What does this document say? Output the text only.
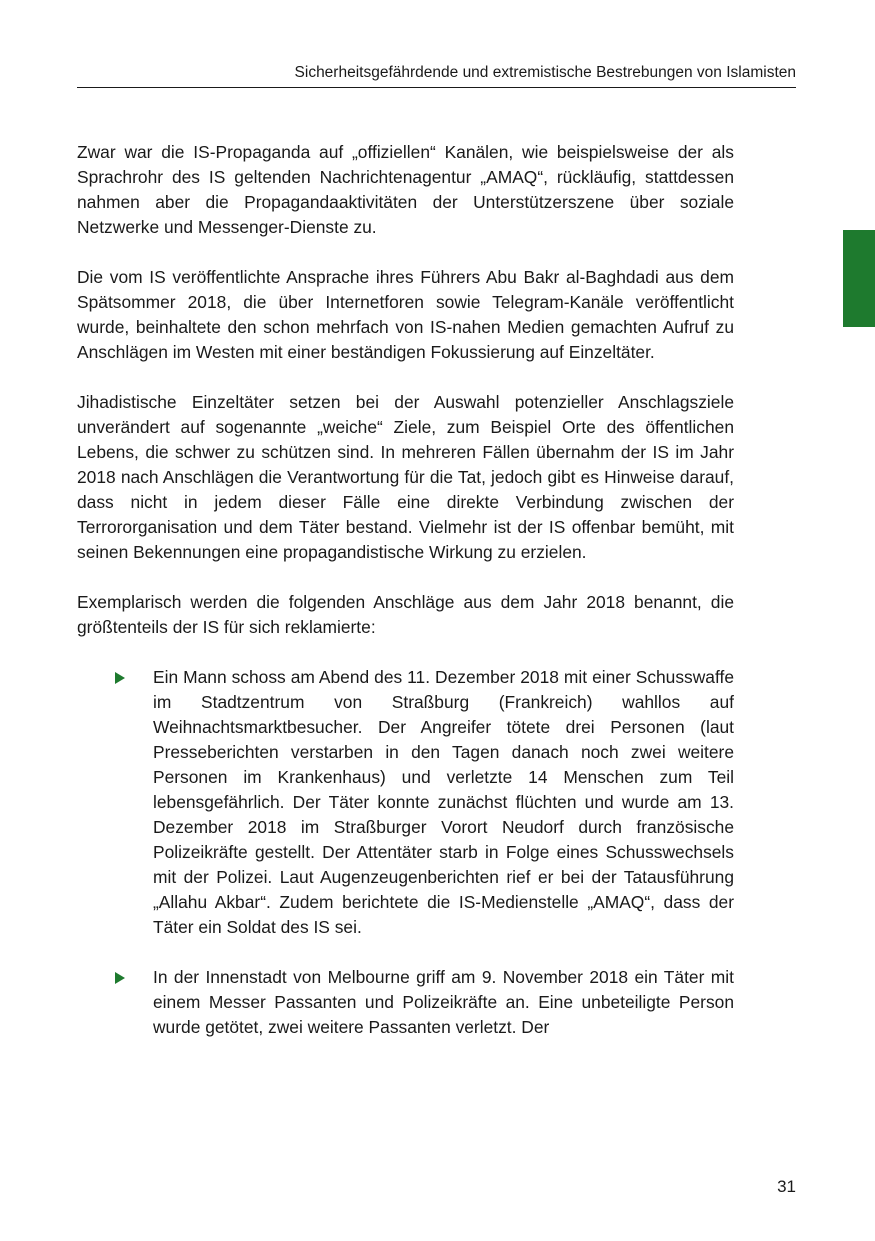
Sicherheitsgefährdende und extremistische Bestrebungen von Islamisten

Zwar war die IS-Propaganda auf „offiziellen“ Kanälen, wie beispielsweise der als Sprachrohr des IS geltenden Nachrichtenagentur „AMAQ“, rückläufig, stattdessen nahmen aber die Propagandaaktivitäten der Unterstützerszene über soziale Netzwerke und Messenger-Dienste zu.

Die vom IS veröffentlichte Ansprache ihres Führers Abu Bakr al-Baghdadi aus dem Spätsommer 2018, die über Internetforen sowie Telegram-Kanäle veröffentlicht wurde, beinhaltete den schon mehrfach von IS-nahen Medien gemachten Aufruf zu Anschlägen im Westen mit einer beständigen Fokussierung auf Einzeltäter.

Jihadistische Einzeltäter setzen bei der Auswahl potenzieller Anschlagsziele unverändert auf sogenannte „weiche“ Ziele, zum Beispiel Orte des öffentlichen Lebens, die schwer zu schützen sind. In mehreren Fällen übernahm der IS im Jahr 2018 nach Anschlägen die Verantwortung für die Tat, jedoch gibt es Hinweise darauf, dass nicht in jedem dieser Fälle eine direkte Verbindung zwischen der Terrororganisation und dem Täter bestand. Vielmehr ist der IS offenbar bemüht, mit seinen Bekennungen eine propagandistische Wirkung zu erzielen.

Exemplarisch werden die folgenden Anschläge aus dem Jahr 2018 benannt, die größtenteils der IS für sich reklamierte:

Ein Mann schoss am Abend des 11. Dezember 2018 mit einer Schusswaffe im Stadtzentrum von Straßburg (Frankreich) wahllos auf Weihnachtsmarktbesucher. Der Angreifer tötete drei Personen (laut Presseberichten verstarben in den Tagen danach noch zwei weitere Personen im Krankenhaus) und verletzte 14 Menschen zum Teil lebensgefährlich. Der Täter konnte zunächst flüchten und wurde am 13. Dezember 2018 im Straßburger Vorort Neudorf durch französische Polizeikräfte gestellt. Der Attentäter starb in Folge eines Schusswechsels mit der Polizei. Laut Augenzeugenberichten rief er bei der Tatausführung „Allahu Akbar“. Zudem berichtete die IS-Medienstelle „AMAQ“, dass der Täter ein Soldat des IS sei.
In der Innenstadt von Melbourne griff am 9. November 2018 ein Täter mit einem Messer Passanten und Polizeikräfte an. Eine unbeteiligte Person wurde getötet, zwei weitere Passanten verletzt. Der
31
